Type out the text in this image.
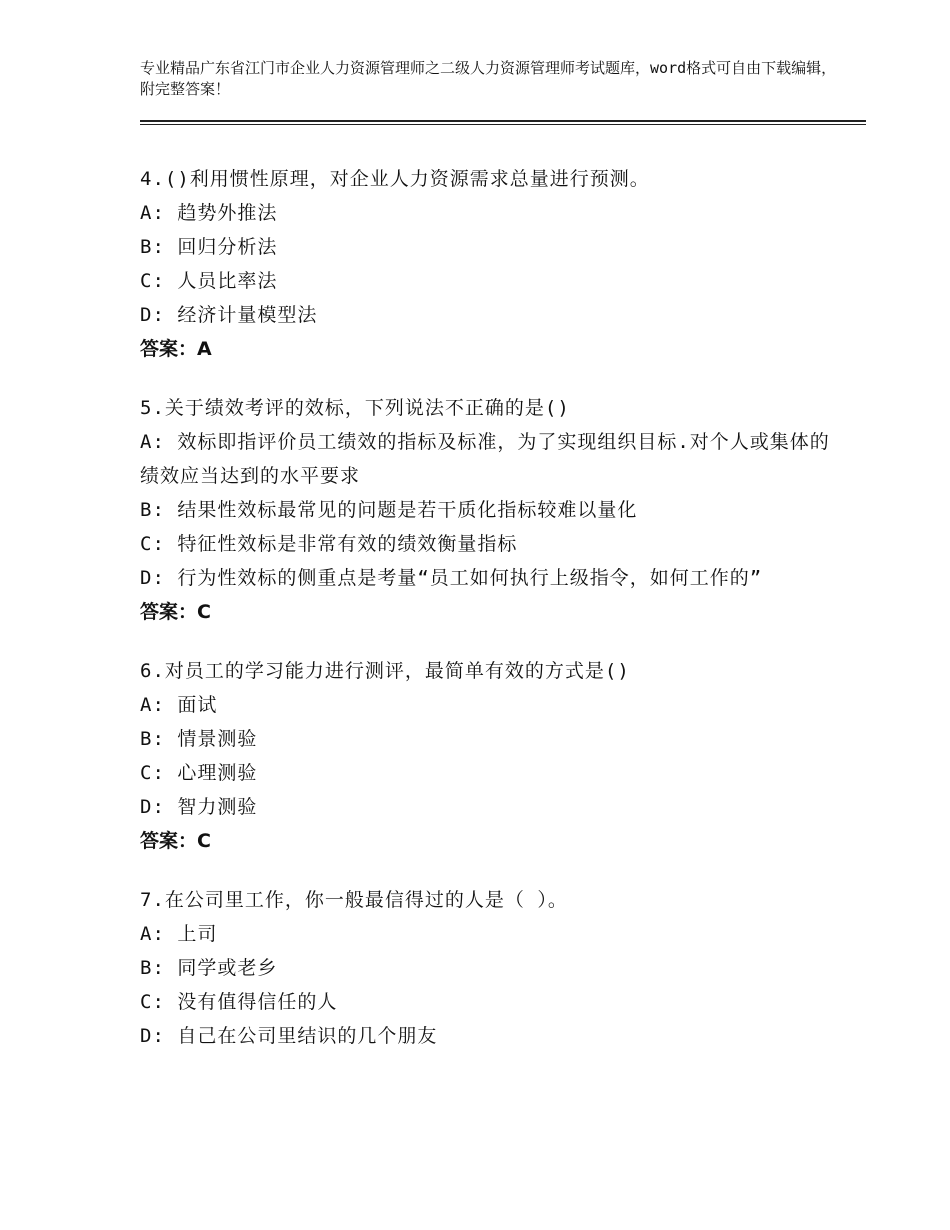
专业精品广东省江门市企业人力资源管理师之二级人力资源管理师考试题库，word格式可自由下载编辑，附完整答案！
4.()利用惯性原理，对企业人力资源需求总量进行预测。
A: 趋势外推法
B: 回归分析法
C: 人员比率法
D: 经济计量模型法
答案：A
5.关于绩效考评的效标，下列说法不正确的是()
A: 效标即指评价员工绩效的指标及标准，为了实现组织目标.对个人或集体的绩效应当达到的水平要求
B: 结果性效标最常见的问题是若干质化指标较难以量化
C: 特征性效标是非常有效的绩效衡量指标
D: 行为性效标的侧重点是考量“员工如何执行上级指令，如何工作的”
答案：C
6.对员工的学习能力进行测评，最简单有效的方式是()
A: 面试
B: 情景测验
C: 心理测验
D: 智力测验
答案：C
7.在公司里工作，你一般最信得过的人是（ ）。
A: 上司
B: 同学或老乡
C: 没有值得信任的人
D: 自己在公司里结识的几个朋友
